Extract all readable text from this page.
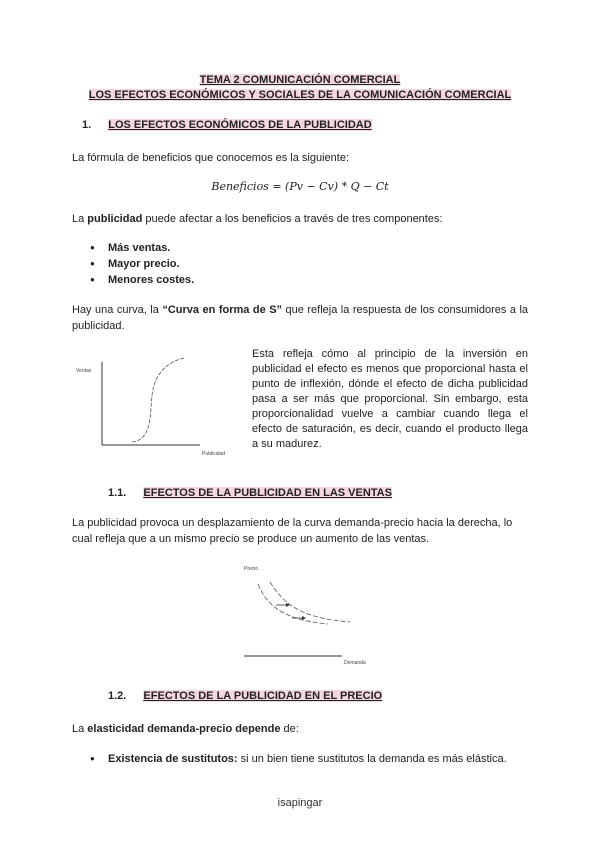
TEMA 2 COMUNICACIÓN COMERCIAL
LOS EFECTOS ECONÓMICOS Y SOCIALES DE LA COMUNICACIÓN COMERCIAL
1. LOS EFECTOS ECONÓMICOS DE LA PUBLICIDAD
La fórmula de beneficios que conocemos es la siguiente:
Beneficios = (Pv − Cv) * Q − Ct
La publicidad puede afectar a los beneficios a través de tres componentes:
● Más ventas.
● Mayor precio.
● Menores costes.
Hay una curva, la “Curva en forma de S” que refleja la respuesta de los consumidores a la publicidad.
Ventas
Publicidad
Esta refleja cómo al principio de la inversión en publicidad el efecto es menos que proporcional hasta el punto de inflexión, dónde el efecto de dicha publicidad pasa a ser más que proporcional. Sin embargo, esta proporcionalidad vuelve a cambiar cuando llega el efecto de saturación, es decir, cuando el producto llega a su madurez.
1.1. EFECTOS DE LA PUBLICIDAD EN LAS VENTAS
La publicidad provoca un desplazamiento de la curva demanda-precio hacia la derecha, lo cual refleja que a un mismo precio se produce un aumento de las ventas.
Precio
Demanda
1.2. EFECTOS DE LA PUBLICIDAD EN EL PRECIO
La elasticidad demanda-precio depende de:
● Existencia de sustitutos: si un bien tiene sustitutos la demanda es más elástica.
isapingar
